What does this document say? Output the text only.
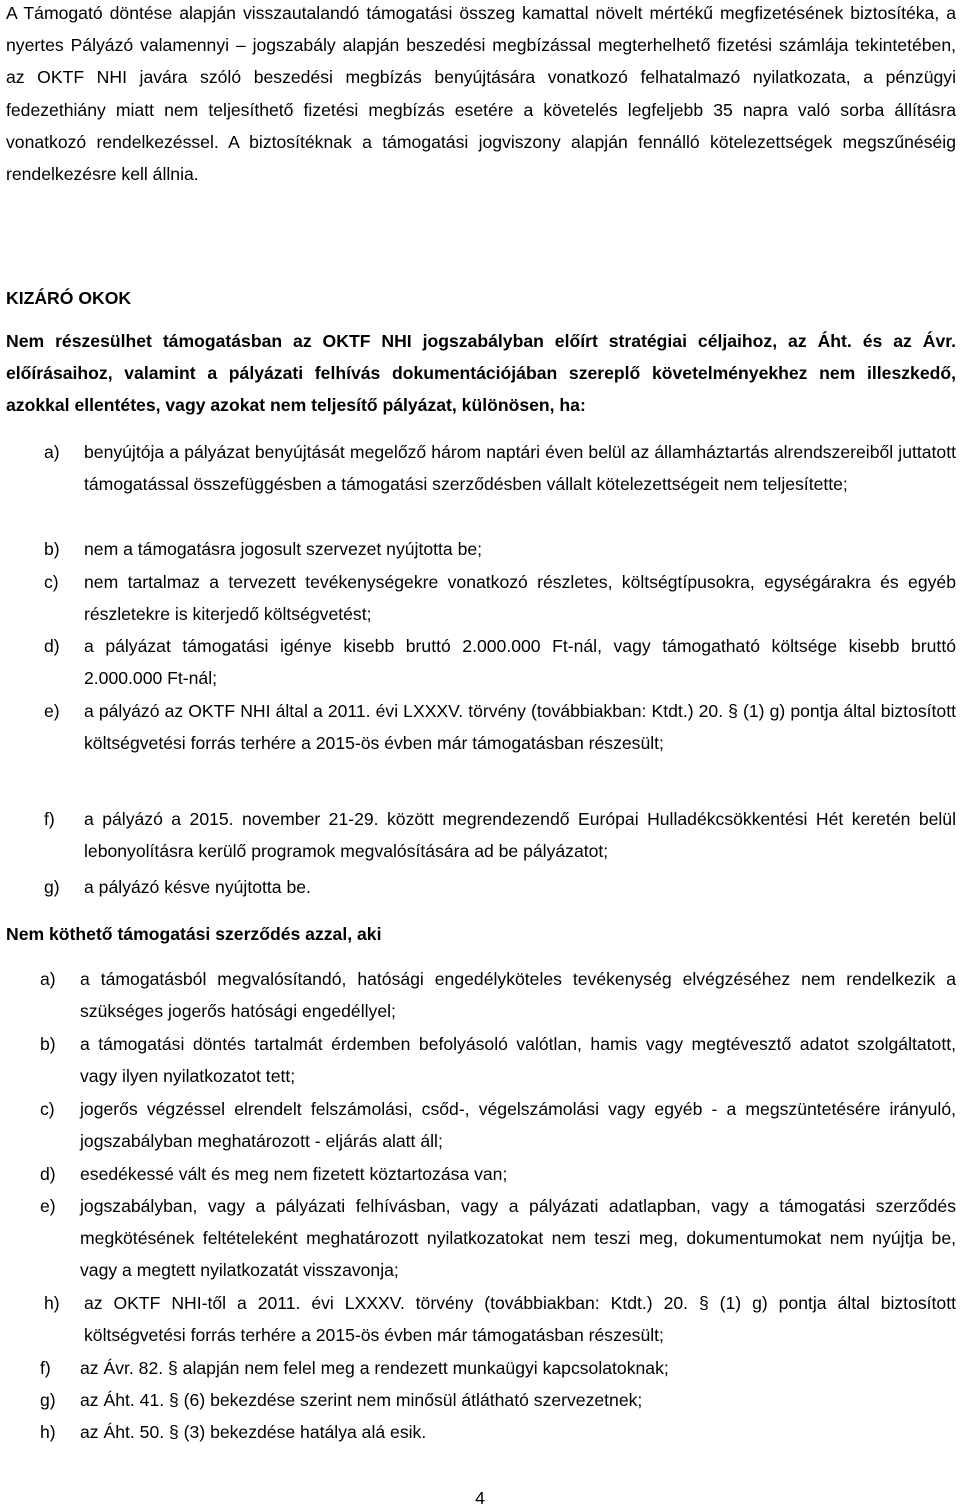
A Támogató döntése alapján visszautalandó támogatási összeg kamattal növelt mértékű megfizetésének biztosítéka, a nyertes Pályázó valamennyi – jogszabály alapján beszedési megbízással megterhelhető fizetési számlája tekintetében, az OKTF NHI javára szóló beszedési megbízás benyújtására vonatkozó felhatalmazó nyilatkozata, a pénzügyi fedezethiány miatt nem teljesíthető fizetési megbízás esetére a követelés legfeljebb 35 napra való sorba állításra vonatkozó rendelkezéssel. A biztosítéknak a támogatási jogviszony alapján fennálló kötelezettségek megszűnéséig rendelkezésre kell állnia.

KIZÁRÓ OKOK

Nem részesülhet támogatásban az OKTF NHI jogszabályban előírt stratégiai céljaihoz, az Áht. és az Ávr. előírásaihoz, valamint a pályázati felhívás dokumentációjában szereplő követelményekhez nem illeszkedő, azokkal ellentétes, vagy azokat nem teljesítő pályázat, különösen, ha:

a) benyújtója a pályázat benyújtását megelőző három naptári éven belül az államháztartás alrendszereiből juttatott támogatással összefüggésben a támogatási szerződésben vállalt kötelezettségeit nem teljesítette;
b) nem a támogatásra jogosult szervezet nyújtotta be;
c) nem tartalmaz a tervezett tevékenységekre vonatkozó részletes, költségtípusokra, egységárakra és egyéb részletekre is kiterjedő költségvetést;
d) a pályázat támogatási igénye kisebb bruttó 2.000.000 Ft-nál, vagy támogatható költsége kisebb bruttó 2.000.000 Ft-nál;
e) a pályázó az OKTF NHI által a 2011. évi LXXXV. törvény (továbbiakban: Ktdt.) 20. § (1) g) pontja által biztosított költségvetési forrás terhére a 2015-ös évben már támogatásban részesült;
f) a pályázó a 2015. november 21-29. között megrendezendő Európai Hulladékcsökkentési Hét keretén belül lebonyolításra kerülő programok megvalósítására ad be pályázatot;
g) a pályázó késve nyújtotta be.

Nem köthető támogatási szerződés azzal, aki

a) a támogatásból megvalósítandó, hatósági engedélyköteles tevékenység elvégzéséhez nem rendelkezik a szükséges jogerős hatósági engedéllyel;
b) a támogatási döntés tartalmát érdemben befolyásoló valótlan, hamis vagy megtévesztő adatot szolgáltatott, vagy ilyen nyilatkozatot tett;
c) jogerős végzéssel elrendelt felszámolási, csőd-, végelszámolási vagy egyéb - a megszüntetésére irányuló, jogszabályban meghatározott - eljárás alatt áll;
d) esedékessé vált és meg nem fizetett köztartozása van;
e) jogszabályban, vagy a pályázati felhívásban, vagy a pályázati adatlapban, vagy a támogatási szerződés megkötésének feltételeként meghatározott nyilatkozatokat nem teszi meg, dokumentumokat nem nyújtja be, vagy a megtett nyilatkozatát visszavonja;
h) az OKTF NHI-től a 2011. évi LXXXV. törvény (továbbiakban: Ktdt.) 20. § (1) g) pontja által biztosított költségvetési forrás terhére a 2015-ös évben már támogatásban részesült;
f) az Ávr. 82. § alapján nem felel meg a rendezett munkaügyi kapcsolatoknak;
g) az Áht. 41. § (6) bekezdése szerint nem minősül átlátható szervezetnek;
h) az Áht. 50. § (3) bekezdése hatálya alá esik.
4
